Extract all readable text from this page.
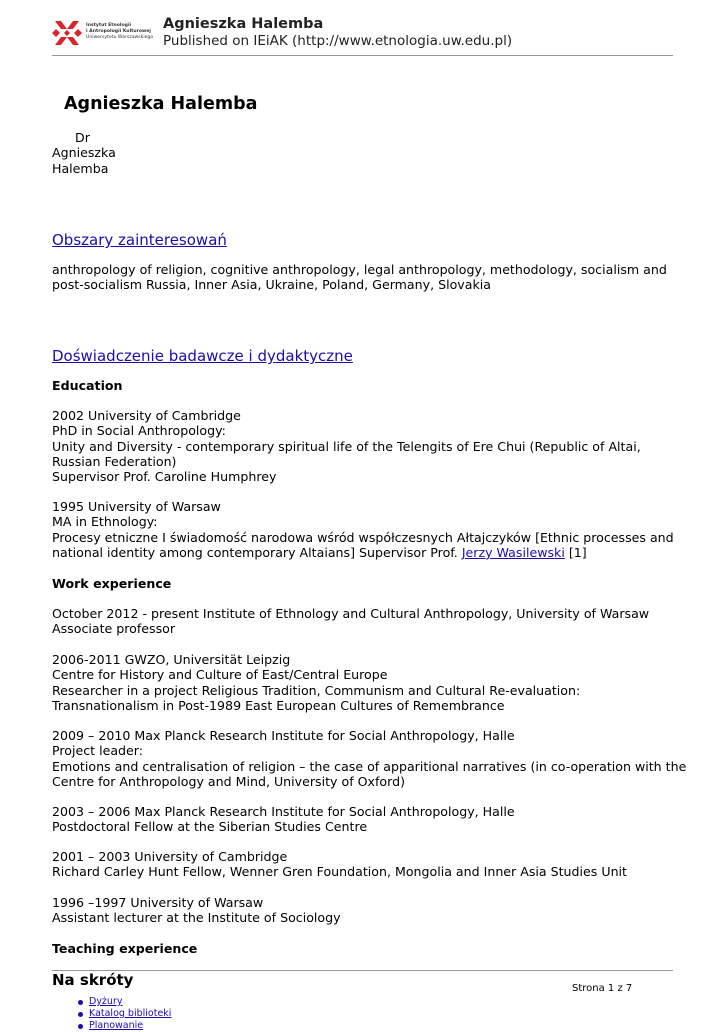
Instytut Etnologii
i Antropologii Kulturowej
Uniwersytetu Warszawskiego
Agnieszka Halemba
Published on IEiAK (http://www.etnologia.uw.edu.pl)
Agnieszka Halemba
Dr
Agnieszka
Halemba
Obszary zainteresowań
anthropology of religion, cognitive anthropology, legal anthropology, methodology, socialism and
post-socialism Russia, Inner Asia, Ukraine, Poland, Germany, Slovakia
Doświadczenie badawcze i dydaktyczne
Education
2002 University of Cambridge
PhD in Social Anthropology:
Unity and Diversity - contemporary spiritual life of the Telengits of Ere Chui (Republic of Altai,
Russian Federation)
Supervisor Prof. Caroline Humphrey
1995 University of Warsaw
MA in Ethnology:
Procesy etniczne I świadomość narodowa wśród współczesnych Ałtajczyków [Ethnic processes and
national identity among contemporary Altaians] Supervisor Prof. Jerzy Wasilewski [1]
Work experience
October 2012 - present Institute of Ethnology and Cultural Anthropology, University of Warsaw
Associate professor
2006-2011 GWZO, Universität Leipzig
Centre for History and Culture of East/Central Europe
Researcher in a project Religious Tradition, Communism and Cultural Re-evaluation:
Transnationalism in Post-1989 East European Cultures of Remembrance
2009 – 2010 Max Planck Research Institute for Social Anthropology, Halle
Project leader:
Emotions and centralisation of religion – the case of apparitional narratives (in co-operation with the
Centre for Anthropology and Mind, University of Oxford)
2003 – 2006 Max Planck Research Institute for Social Anthropology, Halle
Postdoctoral Fellow at the Siberian Studies Centre
2001 – 2003 University of Cambridge
Richard Carley Hunt Fellow, Wenner Gren Foundation, Mongolia and Inner Asia Studies Unit
1996 –1997 University of Warsaw
Assistant lecturer at the Institute of Sociology
Teaching experience
Na skróty	Strona 1 z 7
Dyżury
Katalog biblioteki
Planowanie
